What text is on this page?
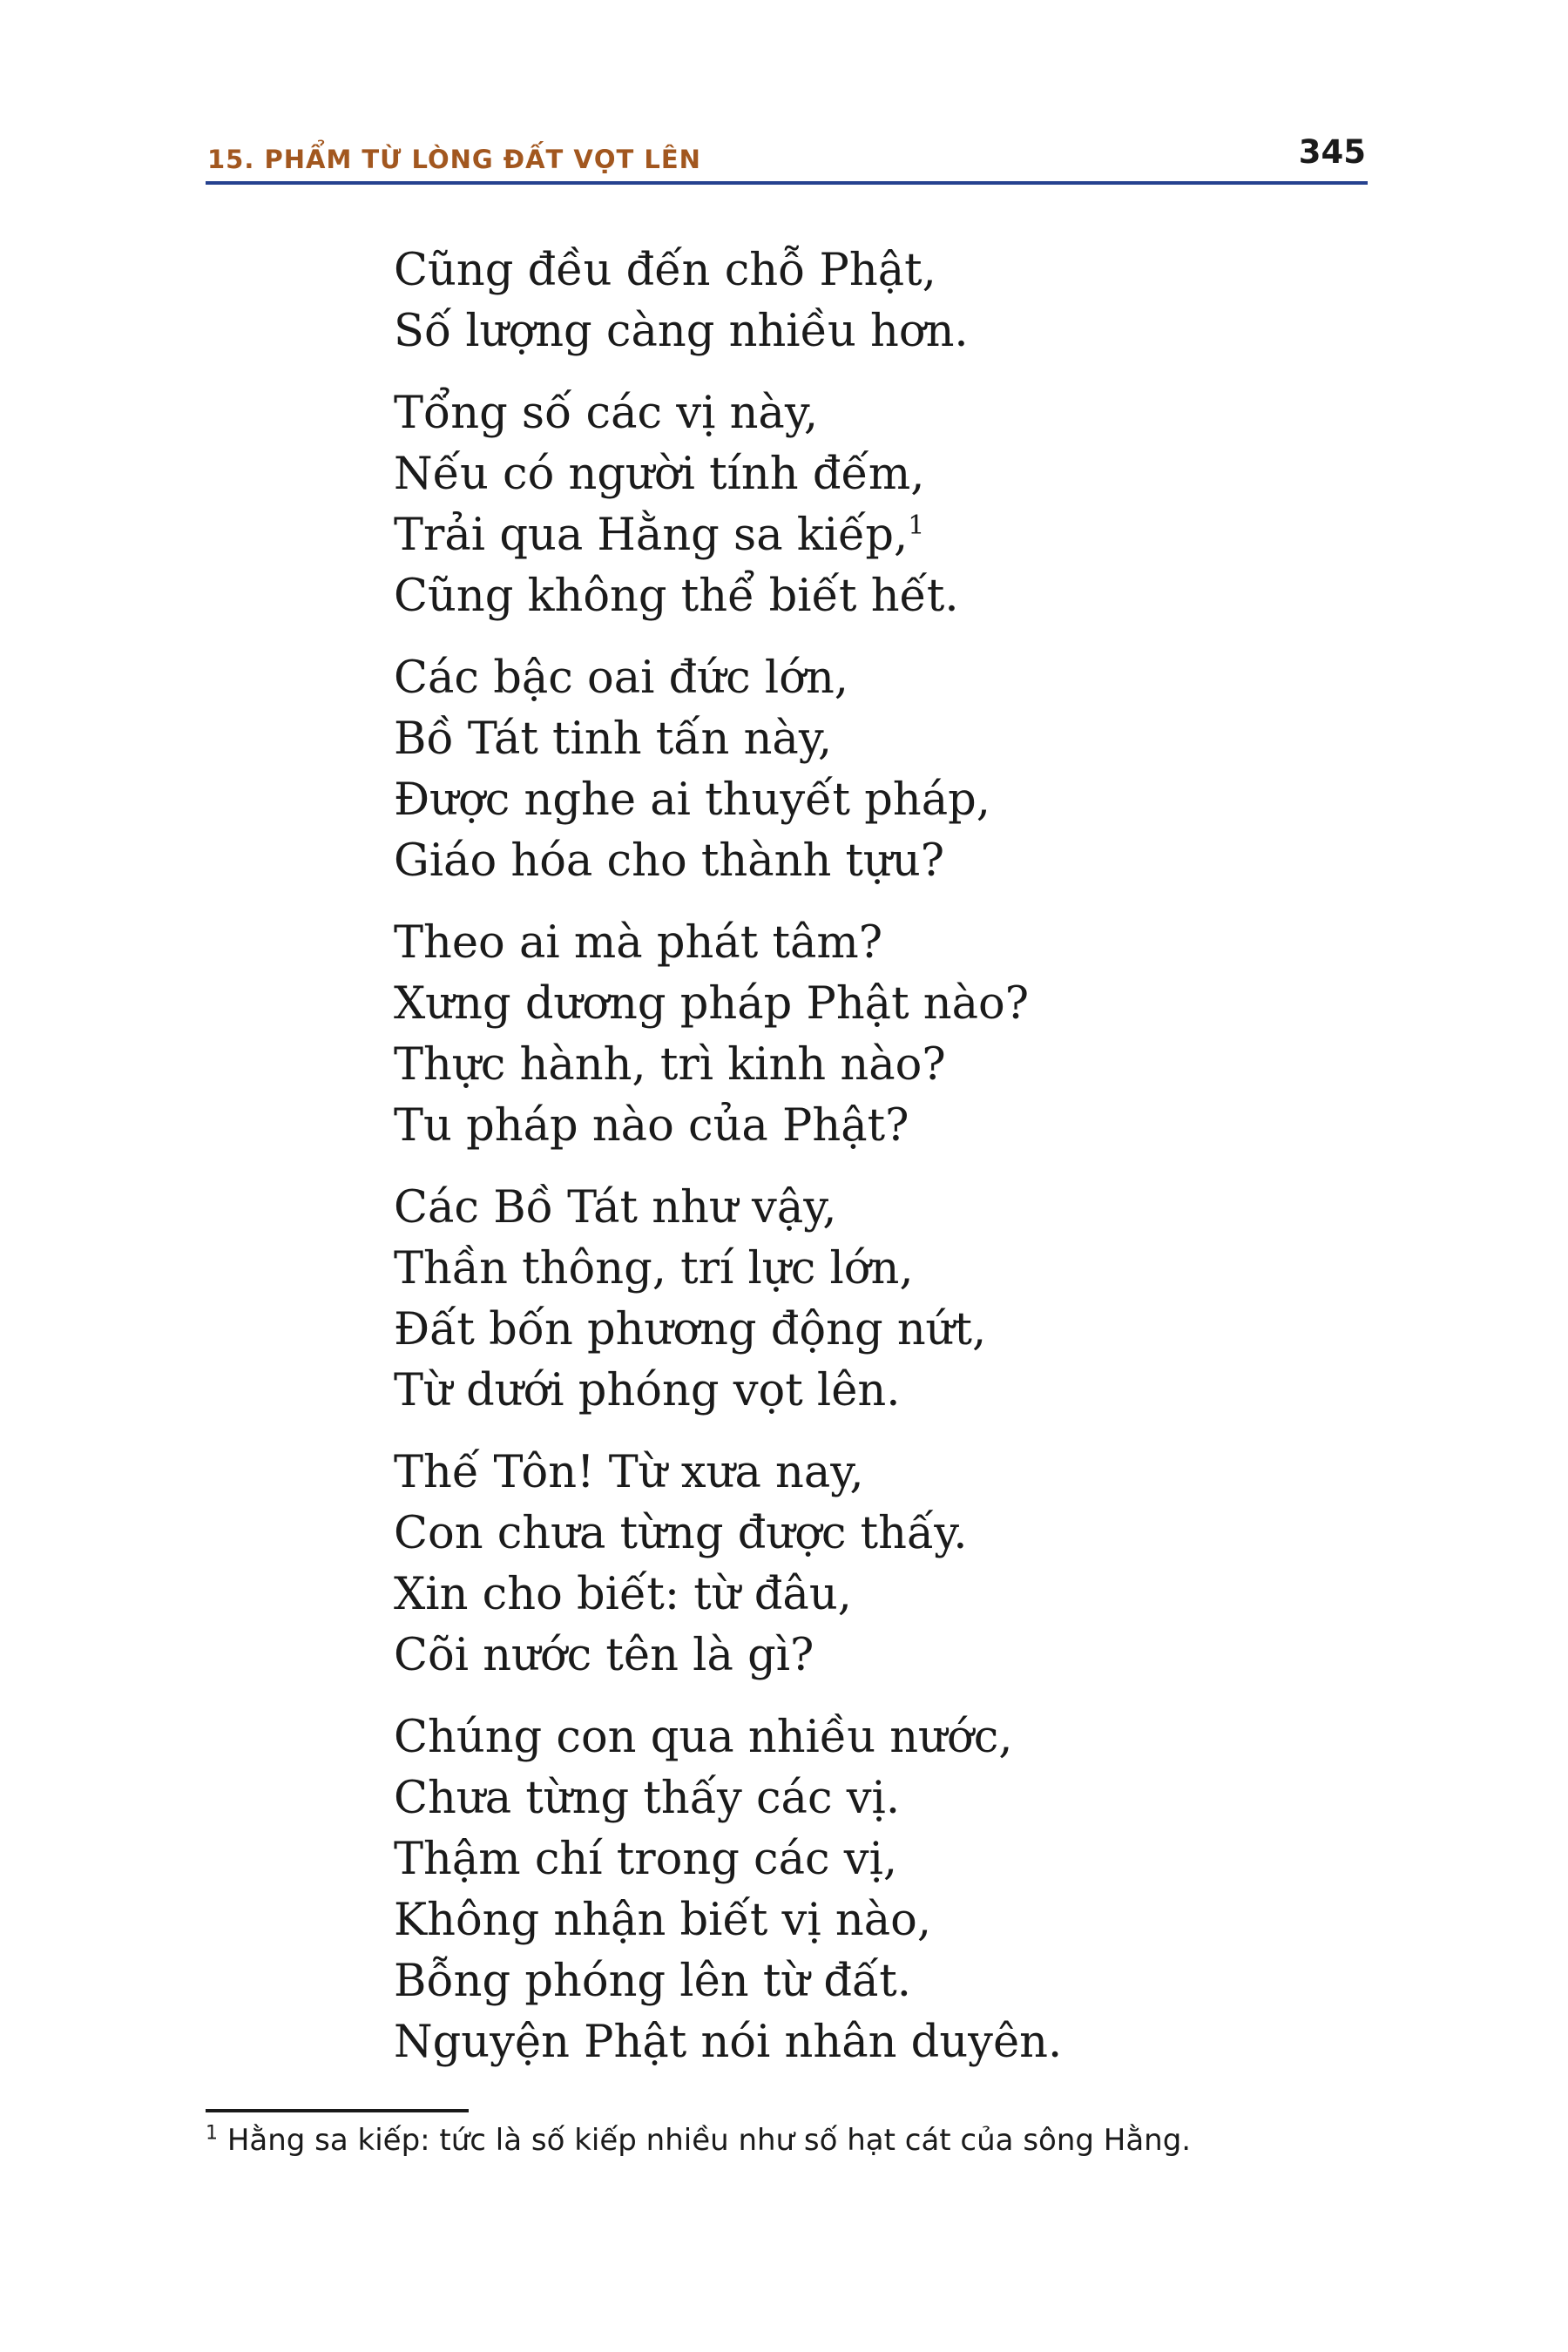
15. PHẨM TỪ LÒNG ĐẤT VỌT LÊN	345
Cũng đều đến chỗ Phật,
Số lượng càng nhiều hơn.
Tổng số các vị này,
Nếu có người tính đếm,
Trải qua Hằng sa kiếp,$^1$
Cũng không thể biết hết.
Các bậc oai đức lớn,
Bồ Tát tinh tấn này,
Được nghe ai thuyết pháp,
Giáo hóa cho thành tựu?
Theo ai mà phát tâm?
Xưng dương pháp Phật nào?
Thực hành, trì kinh nào?
Tu pháp nào của Phật?
Các Bồ Tát như vậy,
Thần thông, trí lực lớn,
Đất bốn phương động nứt,
Từ dưới phóng vọt lên.
Thế Tôn! Từ xưa nay,
Con chưa từng được thấy.
Xin cho biết: từ đâu,
Cõi nước tên là gì?
Chúng con qua nhiều nước,
Chưa từng thấy các vị.
Thậm chí trong các vị,
Không nhận biết vị nào,
Bỗng phóng lên từ đất.
Nguyện Phật nói nhân duyên.
$^1$ Hằng sa kiếp: tức là số kiếp nhiều như số hạt cát của sông Hằng.
